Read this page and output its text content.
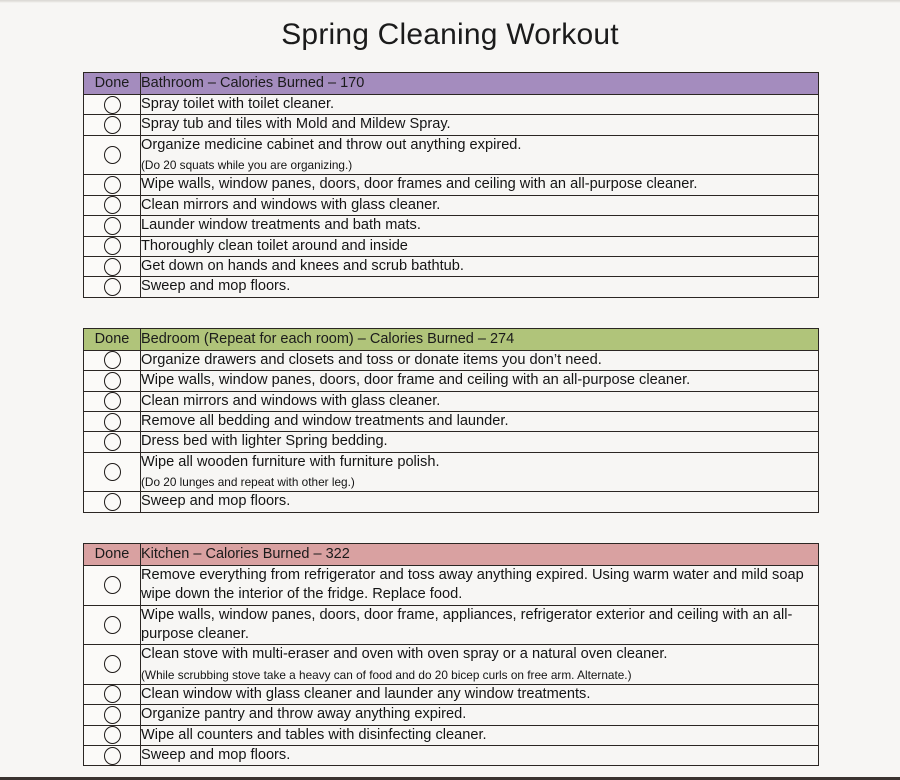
Spring Cleaning Workout
Done	Bathroom – Calories Burned – 170

	Spray toilet with toilet cleaner.

	Spray tub and tiles with Mold and Mildew Spray.

	Organize medicine cabinet and throw out anything expired.
(Do 20 squats while you are organizing.)

	Wipe walls, window panes, doors, door frames and ceiling with an all-purpose cleaner.

	Clean mirrors and windows with glass cleaner.

	Launder window treatments and bath mats.

	Thoroughly clean toilet around and inside

	Get down on hands and knees and scrub bathtub.

	Sweep and mop floors.
Done	Bedroom (Repeat for each room) – Calories Burned – 274

	Organize drawers and closets and toss or donate items you don’t need.

	Wipe walls, window panes, doors, door frame and ceiling with an all-purpose cleaner.

	Clean mirrors and windows with glass cleaner.

	Remove all bedding and window treatments and launder.

	Dress bed with lighter Spring bedding.

	Wipe all wooden furniture with furniture polish.
(Do 20 lunges and repeat with other leg.)

	Sweep and mop floors.
Done	Kitchen – Calories Burned – 322

	Remove everything from refrigerator and toss away anything expired. Using warm water and mild soap wipe down the interior of the fridge. Replace food.

	Wipe walls, window panes, doors, door frame, appliances, refrigerator exterior and ceiling with an all-purpose cleaner.

	Clean stove with multi-eraser and oven with oven spray or a natural oven cleaner.
(While scrubbing stove take a heavy can of food and do 20 bicep curls on free arm. Alternate.)

	Clean window with glass cleaner and launder any window treatments.

	Organize pantry and throw away anything expired.

	Wipe all counters and tables with disinfecting cleaner.

	Sweep and mop floors.
